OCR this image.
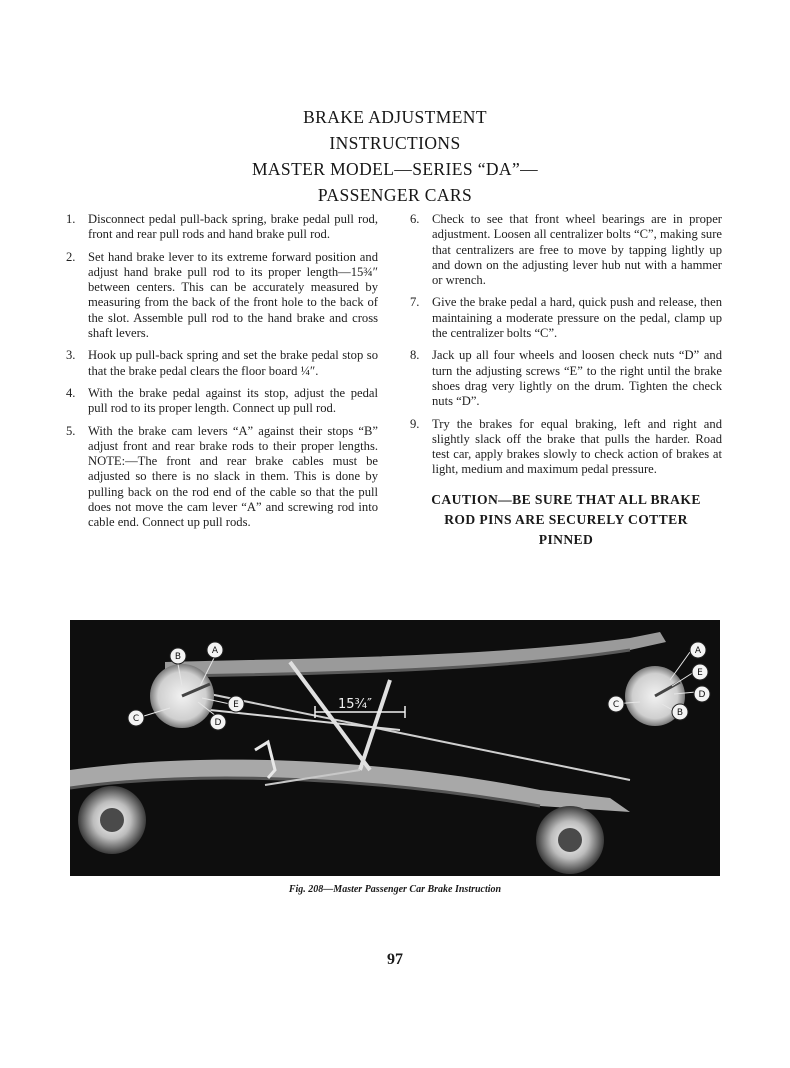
BRAKE ADJUSTMENT
INSTRUCTIONS
MASTER MODEL—SERIES “DA”—
PASSENGER CARS
1. Disconnect pedal pull-back spring, brake pedal pull rod, front and rear pull rods and hand brake pull rod.
2. Set hand brake lever to its extreme forward position and adjust hand brake pull rod to its proper length—15¾″ between centers. This can be accurately measured by measuring from the back of the front hole to the back of the slot. Assemble pull rod to the hand brake and cross shaft levers.
3. Hook up pull-back spring and set the brake pedal stop so that the brake pedal clears the floor board ¼″.
4. With the brake pedal against its stop, adjust the pedal pull rod to its proper length. Connect up pull rod.
5. With the brake cam levers “A” against their stops “B” adjust front and rear brake rods to their proper lengths. NOTE:—The front and rear brake cables must be adjusted so there is no slack in them. This is done by pulling back on the rod end of the cable so that the pull does not move the cam lever “A” and screwing rod into cable end. Connect up pull rods.
6. Check to see that front wheel bearings are in proper adjustment. Loosen all centralizer bolts “C”, making sure that centralizers are free to move by tapping lightly up and down on the adjusting lever hub nut with a hammer or wrench.
7. Give the brake pedal a hard, quick push and release, then maintaining a moderate pressure on the pedal, clamp up the centralizer bolts “C”.
8. Jack up all four wheels and loosen check nuts “D” and turn the adjusting screws “E” to the right until the brake shoes drag very lightly on the drum. Tighten the check nuts “D”.
9. Try the brakes for equal braking, left and right and slightly slack off the brake that pulls the harder. Road test car, apply brakes slowly to check action of brakes at light, medium and maximum pedal pressure.
CAUTION—BE SURE THAT ALL BRAKE
ROD PINS ARE SECURELY COTTER
PINNED
15¾″
B
A
C
E
D
A
E
D
C
B
Fig. 208—Master Passenger Car Brake Instruction
97
